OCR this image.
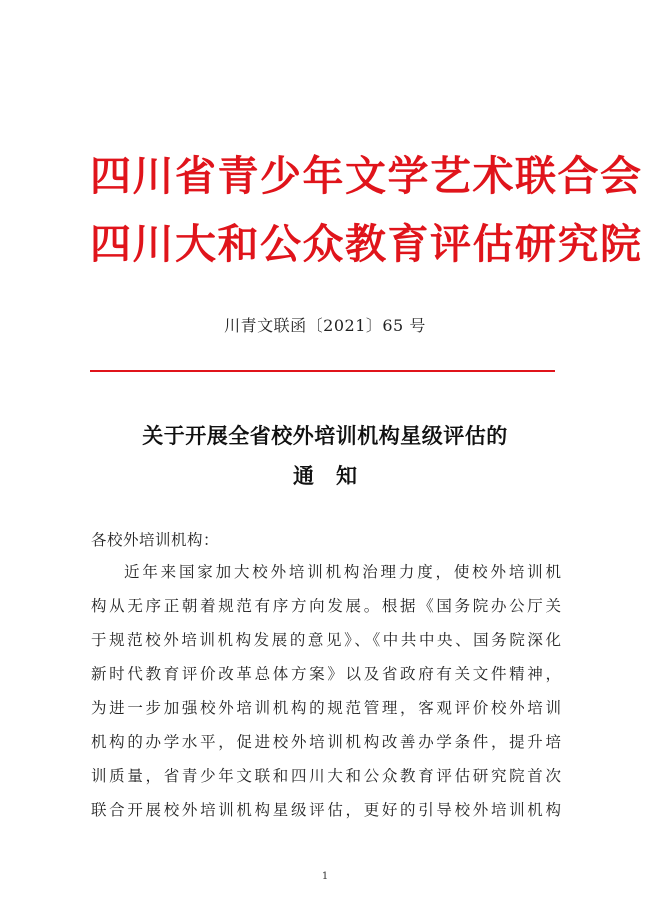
四川省青少年文学艺术联合会
四川大和公众教育评估研究院
川青文联函〔2021〕65 号
关于开展全省校外培训机构星级评估的
通知
各校外培训机构：
近年来国家加大校外培训机构治理力度，使校外培训机
构从无序正朝着规范有序方向发展。根据《国务院办公厅关
于规范校外培训机构发展的意见》、《中共中央、国务院深化
新时代教育评价改革总体方案》以及省政府有关文件精神，
为进一步加强校外培训机构的规范管理，客观评价校外培训
机构的办学水平，促进校外培训机构改善办学条件，提升培
训质量，省青少年文联和四川大和公众教育评估研究院首次
联合开展校外培训机构星级评估，更好的引导校外培训机构
1
